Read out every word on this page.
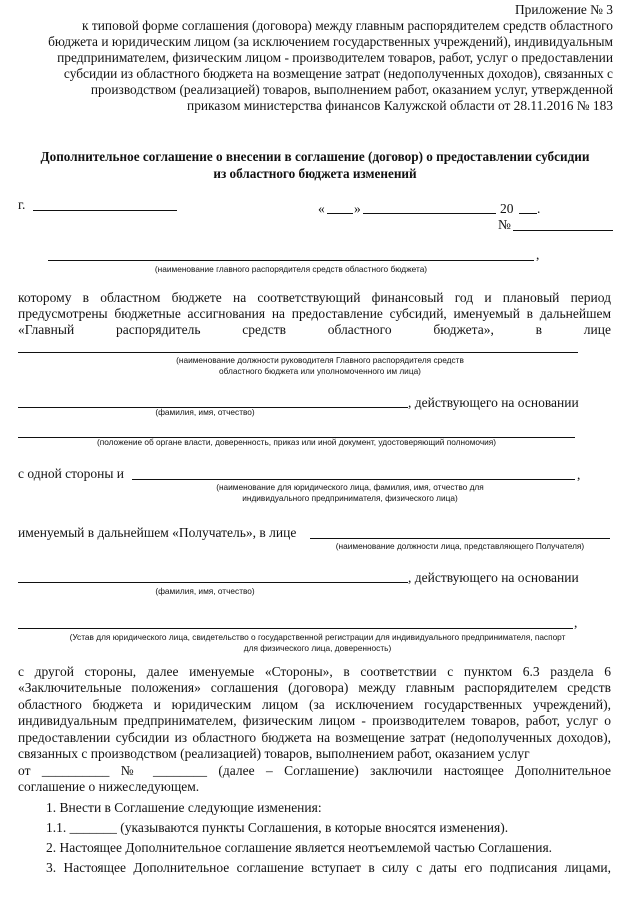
Приложение № 3
к типовой форме соглашения (договора) между главным распорядителем средств областного
бюджета и юридическим лицом (за исключением государственных учреждений), индивидуальным
предпринимателем, физическим лицом - производителем товаров, работ, услуг о предоставлении
субсидии из областного бюджета на возмещение затрат (недополученных доходов), связанных с
производством (реализацией) товаров, выполнением работ, оказанием услуг, утвержденной
приказом министерства финансов Калужской области от 28.11.2016 № 183
Дополнительное соглашение о внесении в соглашение (договор) о предоставлении субсидии
из областного бюджета изменений
г.	« »	20 .
№
,
(наименование главного распорядителя средств областного бюджета)
которому в областном бюджете на соответствующий финансовый год и плановый период
предусмотрены бюджетные ассигнования на предоставление субсидий, именуемый в дальнейшем
«Главный распорядитель средств областного бюджета», в лице
(наименование должности руководителя Главного распорядителя средств
областного бюджета или уполномоченного им лица)
, действующего на основании
(фамилия, имя, отчество)
(положение об органе власти, доверенность, приказ или иной документ, удостоверяющий полномочия)
с одной стороны и	,
(наименование для юридического лица, фамилия, имя, отчество для
индивидуального предпринимателя, физического лица)
именуемый в дальнейшем «Получатель», в лице
(наименование должности лица, представляющего Получателя)
, действующего на основании
(фамилия, имя, отчество)
,
(Устав для юридического лица, свидетельство о государственной регистрации для индивидуального предпринимателя, паспорт
для физического лица, доверенность)
с другой стороны, далее именуемые «Стороны», в соответствии с пунктом 6.3 раздела 6 «Заключительные положения» соглашения (договора) между главным распорядителем средств областного бюджета и юридическим лицом (за исключением государственных учреждений), индивидуальным предпринимателем, физическим лицом - производителем товаров, работ, услуг о предоставлении субсидии из областного бюджета на возмещение затрат (недополученных доходов), связанных с производством (реализацией) товаров, выполнением работ, оказанием услуг
от __________ № ________ (далее – Соглашение) заключили настоящее Дополнительное
соглашение о нижеследующем.
1. Внести в Соглашение следующие изменения:
1.1. _______ (указываются пункты Соглашения, в которые вносятся изменения).
2. Настоящее Дополнительное соглашение является неотъемлемой частью Соглашения.
3. Настоящее Дополнительное соглашение вступает в силу с даты его подписания лицами,
